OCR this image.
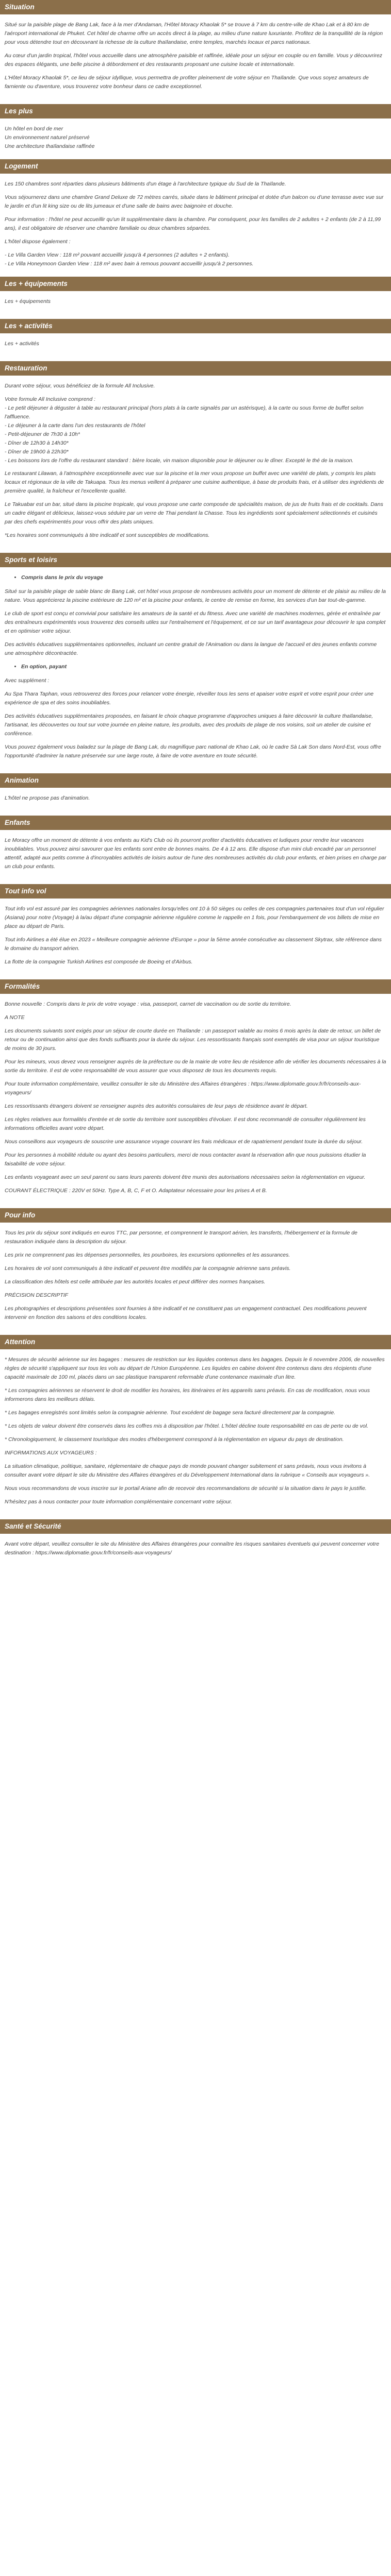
Situation

Situé sur la paisible plage de Bang Lak, face à la mer d'Andaman, l'Hôtel Moracy Khaolak 5* se trouve à 7 km du centre-ville de Khao Lak et à 80 km de l'aéroport international de Phuket. Cet hôtel de charme offre un accès direct à la plage, au milieu d'une nature luxuriante. Profitez de la tranquillité de la région pour vous détendre tout en découvrant la richesse de la culture thaïlandaise, entre temples, marchés locaux et parcs nationaux.

Au cœur d'un jardin tropical, l'hôtel vous accueille dans une atmosphère paisible et raffinée, idéale pour un séjour en couple ou en famille. Vous y découvrirez des espaces élégants, une belle piscine à débordement et des restaurants proposant une cuisine locale et internationale.

L'Hôtel Moracy Khaolak 5*, ce lieu de séjour idyllique, vous permettra de profiter pleinement de votre séjour en Thaïlande. Que vous soyez amateurs de farniente ou d'aventure, vous trouverez votre bonheur dans ce cadre exceptionnel.

Les plus
Un hôtel en bord de mer
Un environnement naturel préservé
Une architecture thaïlandaise raffinée
Logement

Les 150 chambres sont réparties dans plusieurs bâtiments d'un étage à l'architecture typique du Sud de la Thaïlande.

Vous séjournerez dans une chambre Grand Deluxe de 72 mètres carrés, située dans le bâtiment principal et dotée d'un balcon ou d'une terrasse avec vue sur le jardin et d'un lit king size ou de lits jumeaux et d'une salle de bains avec baignoire et douche.

Pour information : l'hôtel ne peut accueillir qu'un lit supplémentaire dans la chambre. Par conséquent, pour les familles de 2 adultes + 2 enfants (de 2 à 11,99 ans), il est obligatoire de réserver une chambre familiale ou deux chambres séparées.

L'hôtel dispose également :

- Le Villa Garden View : 118 m² pouvant accueillir jusqu'à 4 personnes (2 adultes + 2 enfants).
- Le Villa Honeymoon Garden View : 118 m² avec bain à remous pouvant accueillir jusqu'à 2 personnes.
Les + équipements

Les + équipements

Les + activités

Les + activités

Restauration

Durant votre séjour, vous bénéficiez de la formule All Inclusive.

Votre formule All Inclusive comprend :
- Le petit déjeuner à déguster à table au restaurant principal (hors plats à la carte signalés par un astérisque), à la carte ou sous forme de buffet selon l'affluence.
- Le déjeuner à la carte dans l'un des restaurants de l'hôtel
- Petit-déjeuner de 7h30 à 10h*
- Dîner de 12h30 à 14h30*
- Dîner de 19h00 à 22h30*
- Les boissons lors de l'offre du restaurant standard : bière locale, vin maison disponible pour le déjeuner ou le dîner. Excepté le thé de la maison.

Le restaurant Lilawan, à l'atmosphère exceptionnelle avec vue sur la piscine et la mer vous propose un buffet avec une variété de plats, y compris les plats locaux et régionaux de la ville de Takuapa. Tous les menus veillent à préparer une cuisine authentique, à base de produits frais, et à utiliser des ingrédients de première qualité, la fraîcheur et l'excellente qualité.

Le Takuabar est un bar, situé dans la piscine tropicale, qui vous propose une carte composée de spécialités maison, de jus de fruits frais et de cocktails. Dans un cadre élégant et délicieux, laissez-vous séduire par un verre de Thai pendant la Chasse. Tous les ingrédients sont spécialement sélectionnés et cuisinés par des chefs expérimentés pour vous offrir des plats uniques.

*Les horaires sont communiqués à titre indicatif et sont susceptibles de modifications.

Sports et loisirs
• Compris dans le prix du voyage

Situé sur la paisible plage de sable blanc de Bang Lak, cet hôtel vous propose de nombreuses activités pour un moment de détente et de plaisir au milieu de la nature. Vous apprécierez la piscine extérieure de 120 m² et la piscine pour enfants, le centre de remise en forme, les services d'un bar tout-de-gamme.

Le club de sport est conçu et convivial pour satisfaire les amateurs de la santé et du fitness. Avec une variété de machines modernes, gérée et entraînée par des entraîneurs expérimentés vous trouverez des conseils utiles sur l'entraînement et l'équipement, et ce sur un tarif avantageux pour découvrir le spa complet et en optimiser votre séjour.

Des activités éducatives supplémentaires optionnelles, incluant un centre gratuit de l'Animation ou dans la langue de l'accueil et des jeunes enfants comme une atmosphère décontractée.

• En option, payant

Avec supplément :

Au Spa Thara Taphan, vous retrouverez des forces pour relancer votre énergie, réveiller tous les sens et apaiser votre esprit et votre esprit pour créer une expérience de spa et des soins inoubliables.

Des activités éducatives supplémentaires proposées, en faisant le choix chaque programme d'approches uniques à faire découvrir la culture thaïlandaise, l'artisanat, les découvertes ou tout sur votre journée en pleine nature, les produits, avec des produits de plage de nos voisins, soit un atelier de cuisine et conférence.

Vous pouvez également vous baladez sur la plage de Bang Lak, du magnifique parc national de Khao Lak, où le cadre Sà Lak Son dans Nord-Est, vous offre l'opportunité d'admirer la nature préservée sur une large route, à faire de votre aventure en toute sécurité.

Animation

L'hôtel ne propose pas d'animation.

Enfants

Le Moracy offre un moment de détente à vos enfants au Kid's Club où ils pourront profiter d'activités éducatives et ludiques pour rendre leur vacances inoubliables. Vous pouvez ainsi savourer que les enfants sont entre de bonnes mains. De 4 à 12 ans. Elle dispose d'un mini club encadré par un personnel attentif, adapté aux petits comme à d'incroyables activités de loisirs autour de l'une des nombreuses activités du club pour enfants, et bien prises en charge par un club pour enfants.

Tout info vol

Tout info vol est assuré par les compagnies aériennes nationales lorsqu'elles ont 10 à 50 sièges ou celles de ces compagnies partenaires tout d'un vol régulier (Asiana) pour notre (Voyage) à la/au départ d'une compagnie aérienne régulière comme le rappelle en 1 fois, pour l'embarquement de vos billets de mise en place au départ de Paris.

Tout info Airlines a été élue en 2023 « Meilleure compagnie aérienne d'Europe » pour la 5ème année consécutive au classement Skytrax, site référence dans le domaine du transport aérien.

La flotte de la compagnie Turkish Airlines est composée de Boeing et d'Airbus.

Formalités

Bonne nouvelle : Compris dans le prix de votre voyage : visa, passeport, carnet de vaccination ou de sortie du territoire.

A NOTE

Les documents suivants sont exigés pour un séjour de courte durée en Thaïlande : un passeport valable au moins 6 mois après la date de retour, un billet de retour ou de continuation ainsi que des fonds suffisants pour la durée du séjour. Les ressortissants français sont exemptés de visa pour un séjour touristique de moins de 30 jours.

Pour les mineurs, vous devez vous renseigner auprès de la préfecture ou de la mairie de votre lieu de résidence afin de vérifier les documents nécessaires à la sortie du territoire. Il est de votre responsabilité de vous assurer que vous disposez de tous les documents requis.

Pour toute information complémentaire, veuillez consulter le site du Ministère des Affaires étrangères : https://www.diplomatie.gouv.fr/fr/conseils-aux-voyageurs/

Les ressortissants étrangers doivent se renseigner auprès des autorités consulaires de leur pays de résidence avant le départ.

Les règles relatives aux formalités d'entrée et de sortie du territoire sont susceptibles d'évoluer. Il est donc recommandé de consulter régulièrement les informations officielles avant votre départ.

Nous conseillons aux voyageurs de souscrire une assurance voyage couvrant les frais médicaux et de rapatriement pendant toute la durée du séjour.

Pour les personnes à mobilité réduite ou ayant des besoins particuliers, merci de nous contacter avant la réservation afin que nous puissions étudier la faisabilité de votre séjour.

Les enfants voyageant avec un seul parent ou sans leurs parents doivent être munis des autorisations nécessaires selon la réglementation en vigueur.

COURANT ÉLECTRIQUE : 220V et 50Hz. Type A, B, C, F et O. Adaptateur nécessaire pour les prises A et B.

Pour info

Tous les prix du séjour sont indiqués en euros TTC, par personne, et comprennent le transport aérien, les transferts, l'hébergement et la formule de restauration indiquée dans la description du séjour.

Les prix ne comprennent pas les dépenses personnelles, les pourboires, les excursions optionnelles et les assurances.

Les horaires de vol sont communiqués à titre indicatif et peuvent être modifiés par la compagnie aérienne sans préavis.

La classification des hôtels est celle attribuée par les autorités locales et peut différer des normes françaises.

PRÉCISION DESCRIPTIF

Les photographies et descriptions présentées sont fournies à titre indicatif et ne constituent pas un engagement contractuel. Des modifications peuvent intervenir en fonction des saisons et des conditions locales.

Attention

* Mesures de sécurité aérienne sur les bagages : mesures de restriction sur les liquides contenus dans les bagages. Depuis le 6 novembre 2006, de nouvelles règles de sécurité s'appliquent sur tous les vols au départ de l'Union Européenne. Les liquides en cabine doivent être contenus dans des récipients d'une capacité maximale de 100 ml, placés dans un sac plastique transparent refermable d'une contenance maximale d'un litre.

* Les compagnies aériennes se réservent le droit de modifier les horaires, les itinéraires et les appareils sans préavis. En cas de modification, nous vous informerons dans les meilleurs délais.

* Les bagages enregistrés sont limités selon la compagnie aérienne. Tout excédent de bagage sera facturé directement par la compagnie.

* Les objets de valeur doivent être conservés dans les coffres mis à disposition par l'hôtel. L'hôtel décline toute responsabilité en cas de perte ou de vol.

* Chronologiquement, le classement touristique des modes d'hébergement correspond à la réglementation en vigueur du pays de destination.

INFORMATIONS AUX VOYAGEURS :

La situation climatique, politique, sanitaire, réglementaire de chaque pays de monde pouvant changer subitement et sans préavis, nous vous invitons à consulter avant votre départ le site du Ministère des Affaires étrangères et du Développement International dans la rubrique « Conseils aux voyageurs ».

Nous vous recommandons de vous inscrire sur le portail Ariane afin de recevoir des recommandations de sécurité si la situation dans le pays le justifie.

N'hésitez pas à nous contacter pour toute information complémentaire concernant votre séjour.

Santé et Sécurité

Avant votre départ, veuillez consulter le site du Ministère des Affaires étrangères pour connaître les risques sanitaires éventuels qui peuvent concerner votre destination : https://www.diplomatie.gouv.fr/fr/conseils-aux-voyageurs/
